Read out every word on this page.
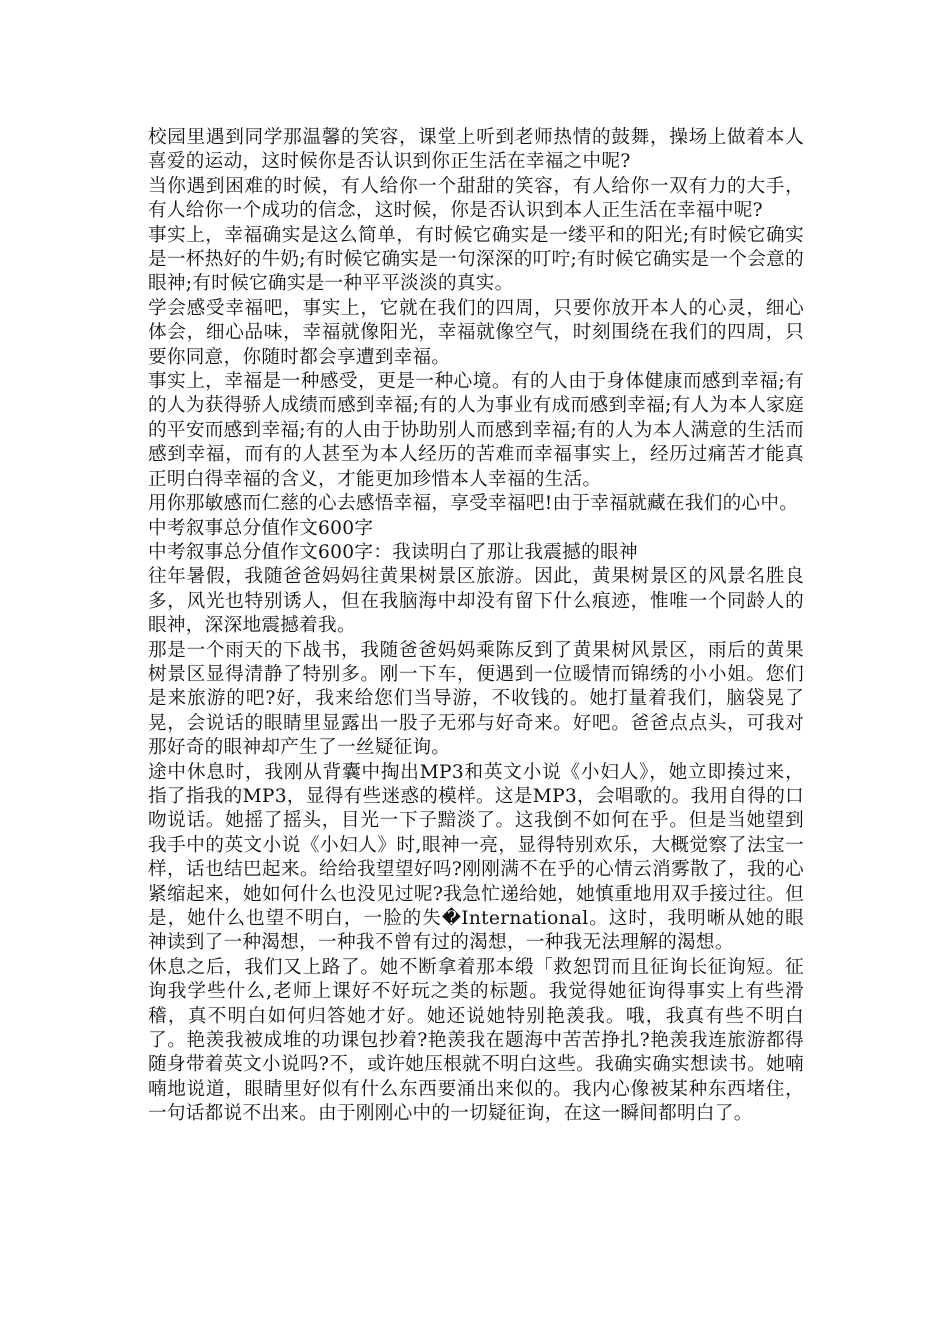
校园里遇到同学那温馨的笑容，课堂上听到老师热情的鼓舞，操场上做着本人喜爱的运动，这时候你是否认识到你正生活在幸福之中呢?

当你遇到困难的时候，有人给你一个甜甜的笑容，有人给你一双有力的大手，有人给你一个成功的信念，这时候，你是否认识到本人正生活在幸福中呢?

事实上，幸福确实是这么简单，有时候它确实是一缕平和的阳光;有时候它确实是一杯热好的牛奶;有时候它确实是一句深深的叮咛;有时候它确实是一个会意的眼神;有时候它确实是一种平平淡淡的真实。

学会感受幸福吧，事实上，它就在我们的四周，只要你放开本人的心灵，细心体会，细心品味，幸福就像阳光，幸福就像空气，时刻围绕在我们的四周，只要你同意，你随时都会享遭到幸福。

事实上，幸福是一种感受，更是一种心境。有的人由于身体健康而感到幸福;有的人为获得骄人成绩而感到幸福;有的人为事业有成而感到幸福;有人为本人家庭的平安而感到幸福;有的人由于协助别人而感到幸福;有的人为本人满意的生活而感到幸福，而有的人甚至为本人经历的苦难而幸福事实上，经历过痛苦才能真正明白得幸福的含义，才能更加珍惜本人幸福的生活。

用你那敏感而仁慈的心去感悟幸福，享受幸福吧!由于幸福就藏在我们的心中。

中考叙事总分值作文600字

中考叙事总分值作文600字：我读明白了那让我震撼的眼神

往年暑假，我随爸爸妈妈往黄果树景区旅游。因此，黄果树景区的风景名胜良多，风光也特别诱人，但在我脑海中却没有留下什么痕迹，惟唯一个同龄人的眼神，深深地震撼着我。

那是一个雨天的下战书，我随爸爸妈妈乘陈反到了黄果树风景区，雨后的黄果树景区显得清静了特别多。刚一下车，便遇到一位暖情而锦绣的小小姐。您们是来旅游的吧?好，我来给您们当导游，不收钱的。她打量着我们，脑袋晃了晃，会说话的眼睛里显露出一股子无邪与好奇来。好吧。爸爸点点头，可我对那好奇的眼神却产生了一丝疑征询。

途中休息时，我刚从背囊中掏出MP3和英文小说《小妇人》，她立即揍过来，指了指我的MP3，显得有些迷惑的模样。这是MP3，会唱歌的。我用自得的口吻说话。她摇了摇头，目光一下子黯淡了。这我倒不如何在乎。但是当她望到我手中的英文小说《小妇人》时,眼神一亮，显得特别欢乐，大概觉察了法宝一样，话也结巴起来。给给我望望好吗?刚刚满不在乎的心情云消雾散了，我的心紧缩起来，她如何什么也没见过呢?我急忙递给她，她慎重地用双手接过往。但是，她什么也望不明白，一脸的失�International。这时，我明晰从她的眼神读到了一种渴想，一种我不曾有过的渴想，一种我无法理解的渴想。

休息之后，我们又上路了。她不断拿着那本缎「救恕罚而且征询长征询短。征询我学些什么,老师上课好不好玩之类的标题。我觉得她征询得事实上有些滑稽，真不明白如何归答她才好。她还说她特别艳羡我。哦，我真有些不明白了。艳羡我被成堆的功课包抄着?艳羡我在题海中苦苦挣扎?艳羡我连旅游都得随身带着英文小说吗?不，或许她压根就不明白这些。我确实确实想读书。她喃喃地说道，眼睛里好似有什么东西要涌出来似的。我内心像被某种东西堵住，一句话都说不出来。由于刚刚心中的一切疑征询，在这一瞬间都明白了。
